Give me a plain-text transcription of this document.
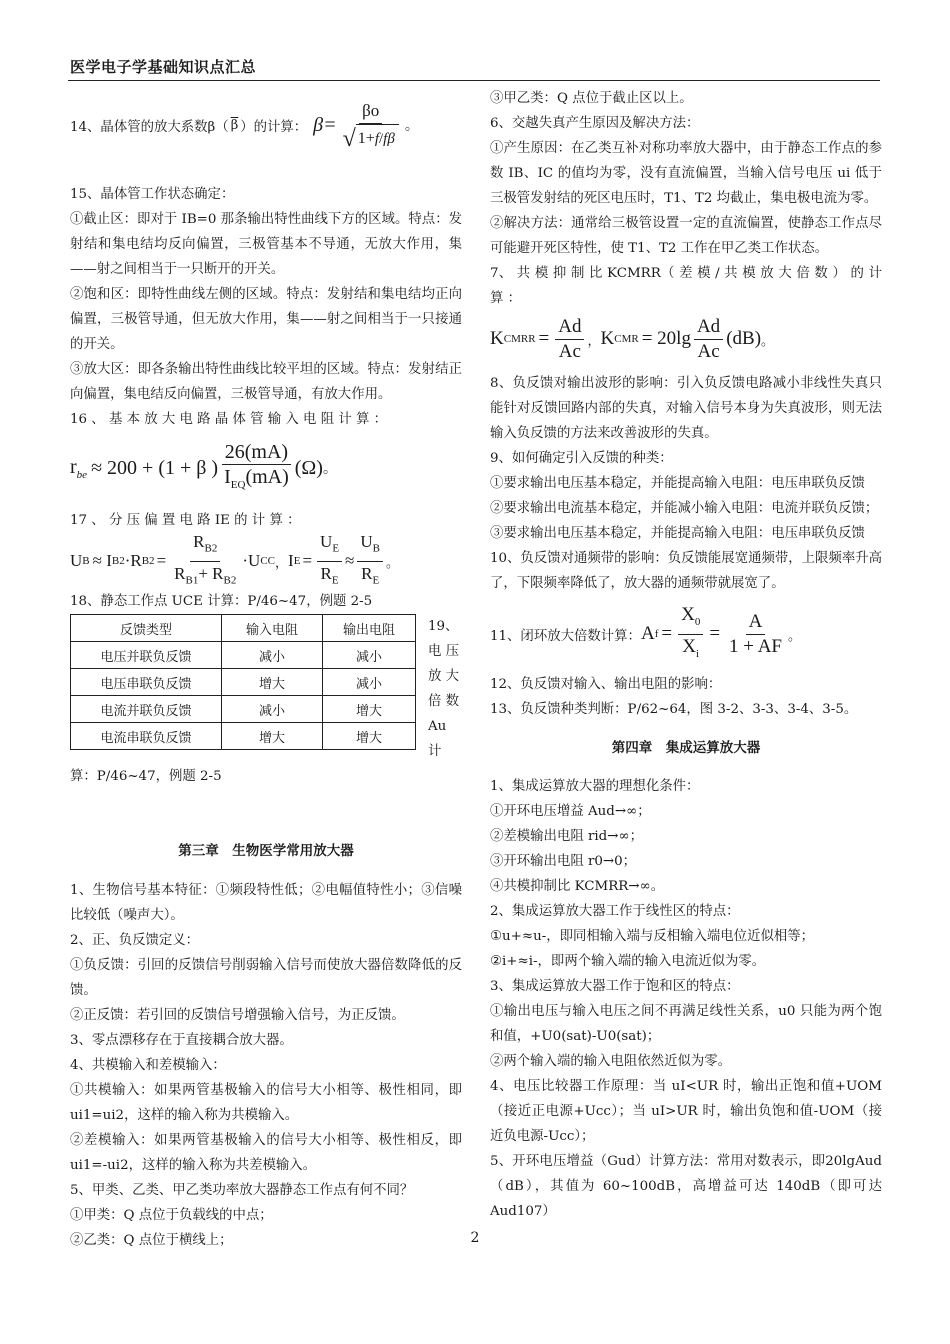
医学电子学基础知识点汇总
14、晶体管的放大系数β（ $\overline{\beta}$ ）的计算： $\beta= \frac{\beta o}{√ 1+ f/f\beta}$ 。

15、晶体管工作状态确定：

①截止区：即对于 IB=0 那条输出特性曲线下方的区域。特点：发射结和集电结均反向偏置，三极管基本不导通，无放大作用，集——射之间相当于一只断开的开关。

②饱和区：即特性曲线左侧的区域。特点：发射结和集电结均正向偏置，三极管导通，但无放大作用，集——射之间相当于一只接通的开关。

③放大区：即各条输出特性曲线比较平坦的区域。特点：发射结正向偏置，集电结反向偏置，三极管导通，有放大作用。

16 、 基 本 放 大 电 路 晶 体 管 输 入 电 阻 计 算 ：

$r_{be} \approx 200 + (1 + \beta$ ) $\frac{26(mA)}{I_{EQ}(mA)} (\Omega)$ 。

17 、 分 压 偏 置 电 路 IE 的 计 算 ：

U B ≈ I B2 ·R $B2 = \frac{R_{B2}}{R_{B1}+ R_{B2}} \cdot U$ CC ， I $E = \frac{U_E}{R_E} \approx \frac{U_B}{R_E}$ 。

18、静态工作点 UCE 计算：P/46~47，例题 2-5

反馈类型	输入电阻	输出电阻
电压并联负反馈	减小	减小
电压串联负反馈	增大	减小
电流并联负反馈	减小	增大
电流串联负反馈	增大	增大

19、

电 压

放 大

倍 数

Au

计

算：P/46~47，例题 2-5

第三章　生物医学常用放大器

1、生物信号基本特征：①频段特性低；②电幅值特性小；③信噪比较低（噪声大）。

2、正、负反馈定义：

①负反馈：引回的反馈信号削弱输入信号而使放大器倍数降低的反馈。

②正反馈：若引回的反馈信号增强输入信号，为正反馈。

3、零点漂移存在于直接耦合放大器。

4、共模输入和差模输入：

①共模输入：如果两管基极输入的信号大小相等、极性相同，即 ui1=ui2，这样的输入称为共模输入。

②差模输入：如果两管基极输入的信号大小相等、极性相反，即 ui1=-ui2，这样的输入称为共差模输入。

5、甲类、乙类、甲乙类功率放大器静态工作点有何不同？

①甲类：Q 点位于负载线的中点；

②乙类：Q 点位于横线上；

③甲乙类：Q 点位于截止区以上。

6、交越失真产生原因及解决方法：

①产生原因：在乙类互补对称功率放大器中，由于静态工作点的参数 IB、IC 的值均为零，没有直流偏置，当输入信号电压 ui 低于三极管发射结的死区电压时，T1、T2 均截止，集电极电流为零。

②解决方法：通常给三极管设置一定的直流偏置，使静态工作点尽可能避开死区特性，使 T1、T2 工作在甲乙类工作状态。

7、 共 模 抑 制 比 KCMRR（ 差 模 / 共 模 放 大 倍 数 ） 的 计 算 ：

K CMRR = $\frac{Ad}{Ac}$ ， K CMR = $20\lg \frac{Ad}{Ac} (dB)$ 。

8、负反馈对输出波形的影响：引入负反馈电路减小非线性失真只能针对反馈回路内部的失真，对输入信号本身为失真波形，则无法输入负反馈的方法来改善波形的失真。

9、如何确定引入反馈的种类：

①要求输出电压基本稳定，并能提高输入电阻：电压串联负反馈

②要求输出电流基本稳定，并能减小输入电阻：电流并联负反馈；

③要求输出电压基本稳定，并能提高输入电阻：电压串联负反馈

10、负反馈对通频带的影响：负反馈能展宽通频带，上限频率升高了，下限频率降低了，放大器的通频带就展宽了。

11、闭环放大倍数计算： A $f = \frac{X_0}{X_i} = \frac{A}{1 + AF}$ 。

12、负反馈对输入、输出电阻的影响：

13、负反馈种类判断：P/62~64，图 3-2、3-3、3-4、3-5。

第四章　集成运算放大器

1、集成运算放大器的理想化条件：

①开环电压增益 Aud→∞；

②差模输出电阻 rid→∞；

③开环输出电阻 r0→0；

④共模抑制比 KCMRR→∞。

2、集成运算放大器工作于线性区的特点：

①u+≈u-，即同相输入端与反相输入端电位近似相等；

②i+≈i-，即两个输入端的输入电流近似为零。

3、集成运算放大器工作于饱和区的特点：

①输出电压与输入电压之间不再满足线性关系，u0 只能为两个饱和值，+U0(sat)-U0(sat)；

②两个输入端的输入电阻依然近似为零。

4、电压比较器工作原理：当 uI<UR 时，输出正饱和值+UOM（接近正电源+Ucc）；当 uI>UR 时，输出负饱和值-UOM（接近负电源-Ucc）；

5、开环电压增益（Gud）计算方法：常用对数表示，即20lgAud（dB），其值为 60~100dB，高增益可达 140dB（即可达 Aud107）

2
